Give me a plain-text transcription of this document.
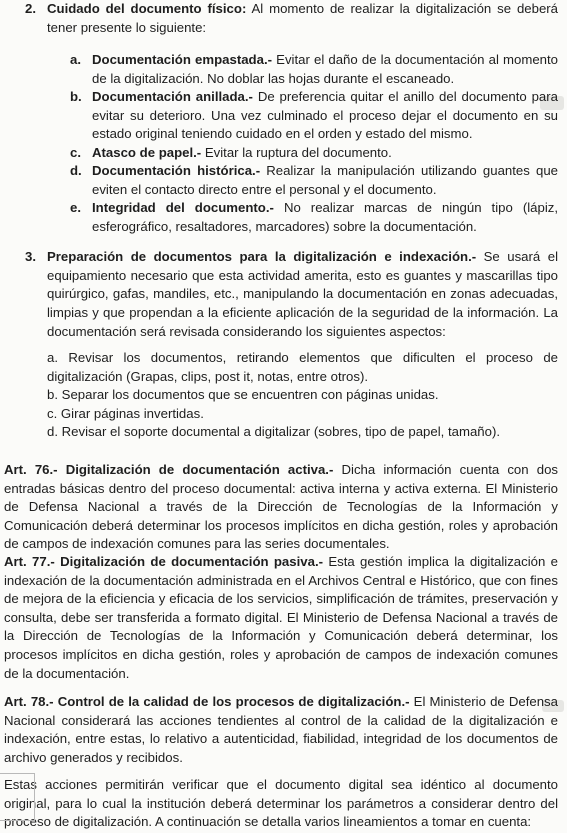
2. Cuidado del documento físico: Al momento de realizar la digitalización se deberá tener presente lo siguiente:

a. Documentación empastada.- Evitar el daño de la documentación al momento de la digitalización. No doblar las hojas durante el escaneado.

b. Documentación anillada.- De preferencia quitar el anillo del documento para evitar su deterioro. Una vez culminado el proceso dejar el documento en su estado original teniendo cuidado en el orden y estado del mismo.

c. Atasco de papel.- Evitar la ruptura del documento.

d. Documentación histórica.- Realizar la manipulación utilizando guantes que eviten el contacto directo entre el personal y el documento.

e. Integridad del documento.- No realizar marcas de ningún tipo (lápiz, esferográfico, resaltadores, marcadores) sobre la documentación.

3. Preparación de documentos para la digitalización e indexación.- Se usará el equipamiento necesario que esta actividad amerita, esto es guantes y mascarillas tipo quirúrgico, gafas, mandiles, etc., manipulando la documentación en zonas adecuadas, limpias y que propendan a la eficiente aplicación de la seguridad de la información. La documentación será revisada considerando los siguientes aspectos:

a. Revisar los documentos, retirando elementos que dificulten el proceso de digitalización (Grapas, clips, post it, notas, entre otros).

b. Separar los documentos que se encuentren con páginas unidas.

c. Girar páginas invertidas.

d. Revisar el soporte documental a digitalizar (sobres, tipo de papel, tamaño).

Art. 76.- Digitalización de documentación activa.- Dicha información cuenta con dos entradas básicas dentro del proceso documental: activa interna y activa externa. El Ministerio de Defensa Nacional a través de la Dirección de Tecnologías de la Información y Comunicación deberá determinar los procesos implícitos en dicha gestión, roles y aprobación de campos de indexación comunes para las series documentales.

Art. 77.- Digitalización de documentación pasiva.- Esta gestión implica la digitalización e indexación de la documentación administrada en el Archivos Central e Histórico, que con fines de mejora de la eficiencia y eficacia de los servicios, simplificación de trámites, preservación y consulta, debe ser transferida a formato digital. El Ministerio de Defensa Nacional a través de la Dirección de Tecnologías de la Información y Comunicación deberá determinar, los procesos implícitos en dicha gestión, roles y aprobación de campos de indexación comunes de la documentación.

Art. 78.- Control de la calidad de los procesos de digitalización.- El Ministerio de Defensa Nacional considerará las acciones tendientes al control de la calidad de la digitalización e indexación, entre estas, lo relativo a autenticidad, fiabilidad, integridad de los documentos de archivo generados y recibidos.

Estas acciones permitirán verificar que el documento digital sea idéntico al documento original, para lo cual la institución deberá determinar los parámetros a considerar dentro del proceso de digitalización. A continuación se detalla varios lineamientos a tomar en cuenta:
